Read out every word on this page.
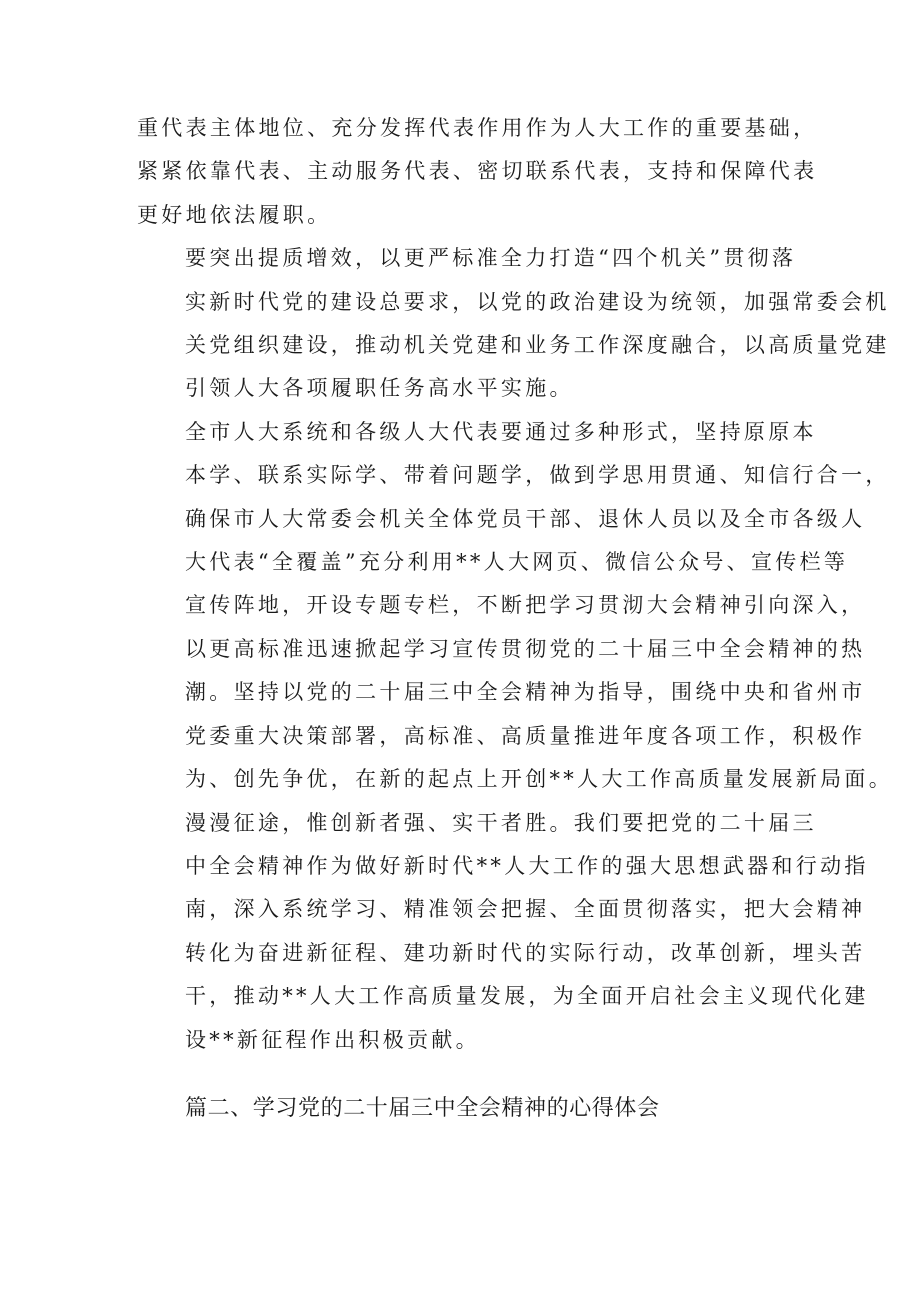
重代表主体地位、充分发挥代表作用作为人大工作的重要基础，
紧紧依靠代表、主动服务代表、密切联系代表，支持和保障代表
更好地依法履职。

要突出提质增效，以更严标准全力打造“四个机关”贯彻落
实新时代党的建设总要求，以党的政治建设为统领，加强常委会机
关党组织建设，推动机关党建和业务工作深度融合，以高质量党建
引领人大各项履职任务高水平实施。

全市人大系统和各级人大代表要通过多种形式，坚持原原本
本学、联系实际学、带着问题学，做到学思用贯通、知信行合一，
确保市人大常委会机关全体党员干部、退休人员以及全市各级人
大代表“全覆盖”充分利用**人大网页、微信公众号、宣传栏等
宣传阵地，开设专题专栏，不断把学习贯沏大会精神引向深入，
以更高标准迅速掀起学习宣传贯彻党的二十届三中全会精神的热
潮。坚持以党的二十届三中全会精神为指导，围绕中央和省州市
党委重大决策部署，高标准、高质量推进年度各项工作，积极作
为、创先争优，在新的起点上开创**人大工作高质量发展新局面。

漫漫征途，惟创新者强、实干者胜。我们要把党的二十届三
中全会精神作为做好新时代**人大工作的强大思想武器和行动指
南，深入系统学习、精准领会把握、全面贯彻落实，把大会精神
转化为奋进新征程、建功新时代的实际行动，改革创新，埋头苦
干，推动**人大工作高质量发展，为全面开启社会主义现代化建
设**新征程作出积极贡献。

篇二、学习党的二十届三中全会精神的心得体会
